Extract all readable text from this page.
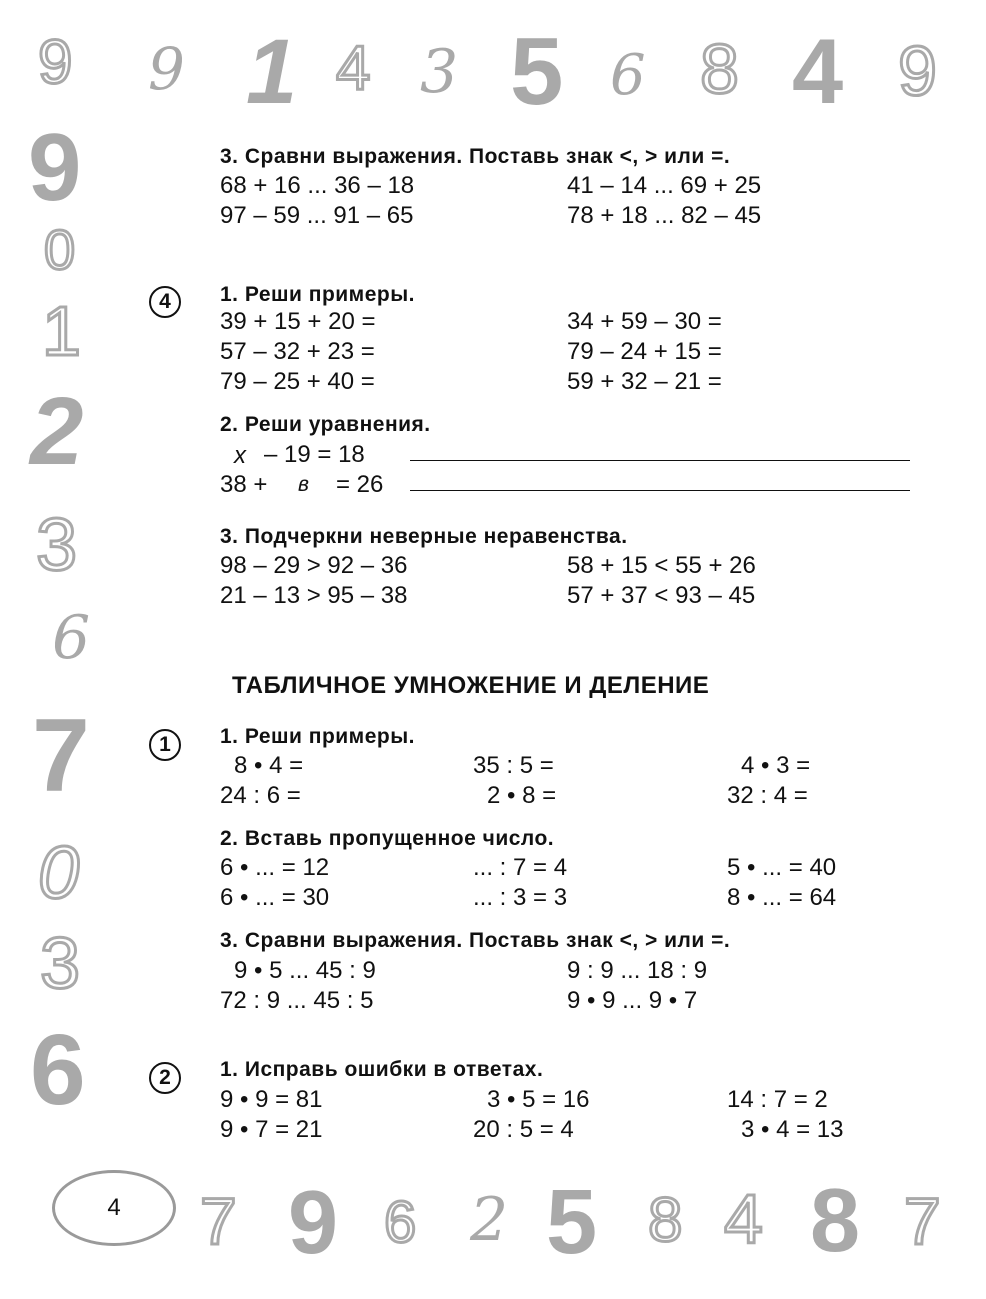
9 9 1 4 3 5 6 8 4 9
9
0
1
2
3
6
7
0
3
6
7 9 6 2 5 8 4 8 7
3. Сравни выражения. Поставь знак <, > или =.
68 + 16 ... 36 – 18	41 – 14 ... 69 + 25
97 – 59 ... 91 – 65	78 + 18 ... 82 – 45
4	1. Реши примеры.
39 + 15 + 20 =	34 + 59 – 30 =
57 – 32 + 23 =	79 – 24 + 15 =
79 – 25 + 40 =	59 + 32 – 21 =
2. Реши уравнения.
x – 19 = 18
38 + в = 26
3. Подчеркни неверные неравенства.
98 – 29 > 92 – 36	58 + 15 < 55 + 26
21 – 13 > 95 – 38	57 + 37 < 93 – 45
ТАБЛИЧНОЕ УМНОЖЕНИЕ И ДЕЛЕНИЕ
1	1. Реши примеры.
8 • 4 =	35 : 5 =	4 • 3 =
24 : 6 =	2 • 8 =	32 : 4 =
2. Вставь пропущенное число.
6 • ... = 12	... : 7 = 4	5 • ... = 40
6 • ... = 30	... : 3 = 3	8 • ... = 64
3. Сравни выражения. Поставь знак <, > или =.
9 • 5 ... 45 : 9	9 : 9 ... 18 : 9
72 : 9 ... 45 : 5	9 • 9 ... 9 • 7
2	1. Исправь ошибки в ответах.
9 • 9 = 81	3 • 5 = 16	14 : 7 = 2
9 • 7 = 21	20 : 5 = 4	3 • 4 = 13
4
